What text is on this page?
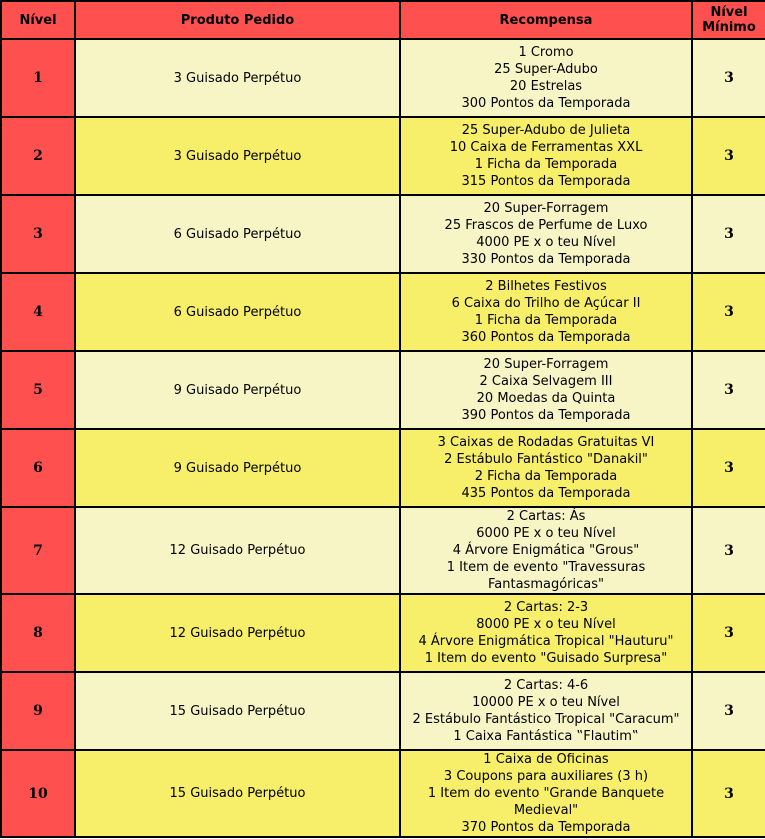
Nível	Produto Pedido	Recompensa	Nível
Mínimo

1	3 Guisado Perpétuo	1 Cromo
25 Super-Adubo
20 Estrelas
300 Pontos da Temporada	3
2	3 Guisado Perpétuo	25 Super-Adubo de Julieta
10 Caixa de Ferramentas XXL
1 Ficha da Temporada
315 Pontos da Temporada	3
3	6 Guisado Perpétuo	20 Super-Forragem
25 Frascos de Perfume de Luxo
4000 PE x o teu Nível
330 Pontos da Temporada	3
4	6 Guisado Perpétuo	2 Bilhetes Festivos
6 Caixa do Trilho de Açúcar II
1 Ficha da Temporada
360 Pontos da Temporada	3
5	9 Guisado Perpétuo	20 Super-Forragem
2 Caixa Selvagem III
20 Moedas da Quinta
390 Pontos da Temporada	3
6	9 Guisado Perpétuo	3 Caixas de Rodadas Gratuitas VI
2 Estábulo Fantástico "Danakil"
2 Ficha da Temporada
435 Pontos da Temporada	3
7	12 Guisado Perpétuo	2 Cartas: Ás
6000 PE x o teu Nível
4 Árvore Enigmática "Grous"
1 Item de evento "Travessuras
Fantasmagóricas"	3
8	12 Guisado Perpétuo	2 Cartas: 2-3
8000 PE x o teu Nível
4 Árvore Enigmática Tropical "Hauturu"
1 Item do evento "Guisado Surpresa"	3
9	15 Guisado Perpétuo	2 Cartas: 4-6
10000 PE x o teu Nível
2 Estábulo Fantástico Tropical "Caracum"
1 Caixa Fantástica ‟Flautim‟	3
10	15 Guisado Perpétuo	1 Caixa de Oficinas
3 Coupons para auxiliares (3 h)
1 Item do evento "Grande Banquete
Medieval"
370 Pontos da Temporada	3
